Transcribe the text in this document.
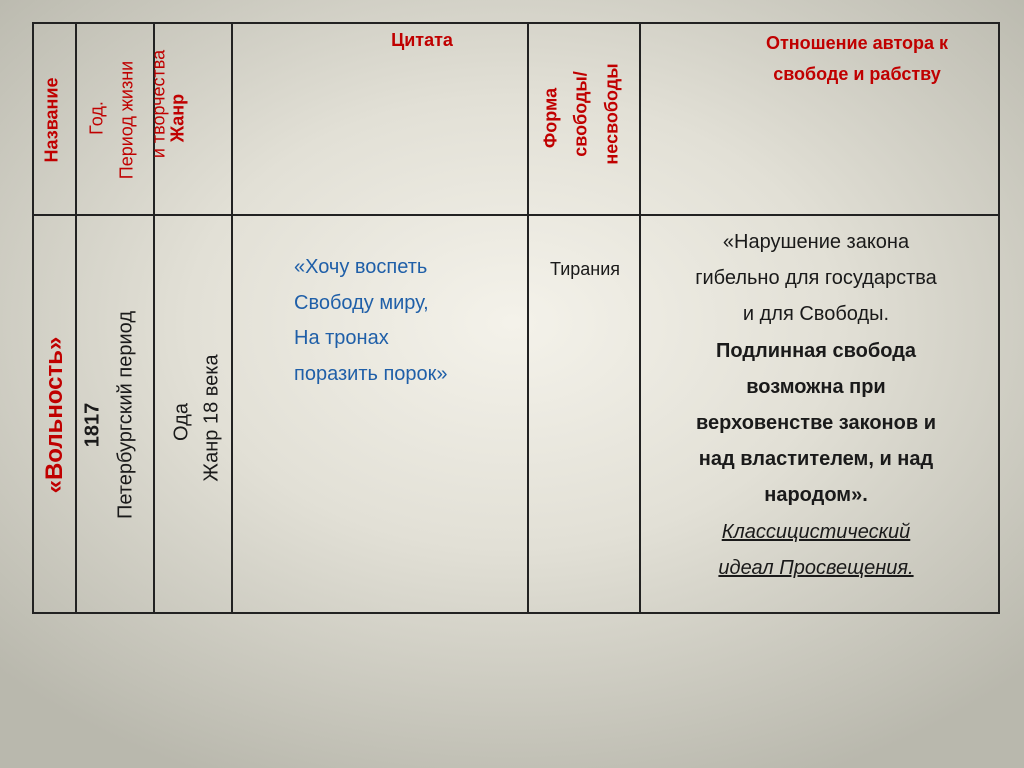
Название Год. Период жизни и творчества Жанр
Цитата
Форма свободы/ несвободы
Отношение автора к
свободе и рабству
«Вольность» 1817 Петербургский период Ода Жанр 18 века
«Хочу воспеть
Свободу миру,
На тронах
поразить порок»
Тирания
«Нарушение закона
гибельно для государства
и для Свободы.
Подлинная свобода
возможна при
верховенстве законов и
над властителем, и над
народом».
Классицистический
идеал Просвещения.
